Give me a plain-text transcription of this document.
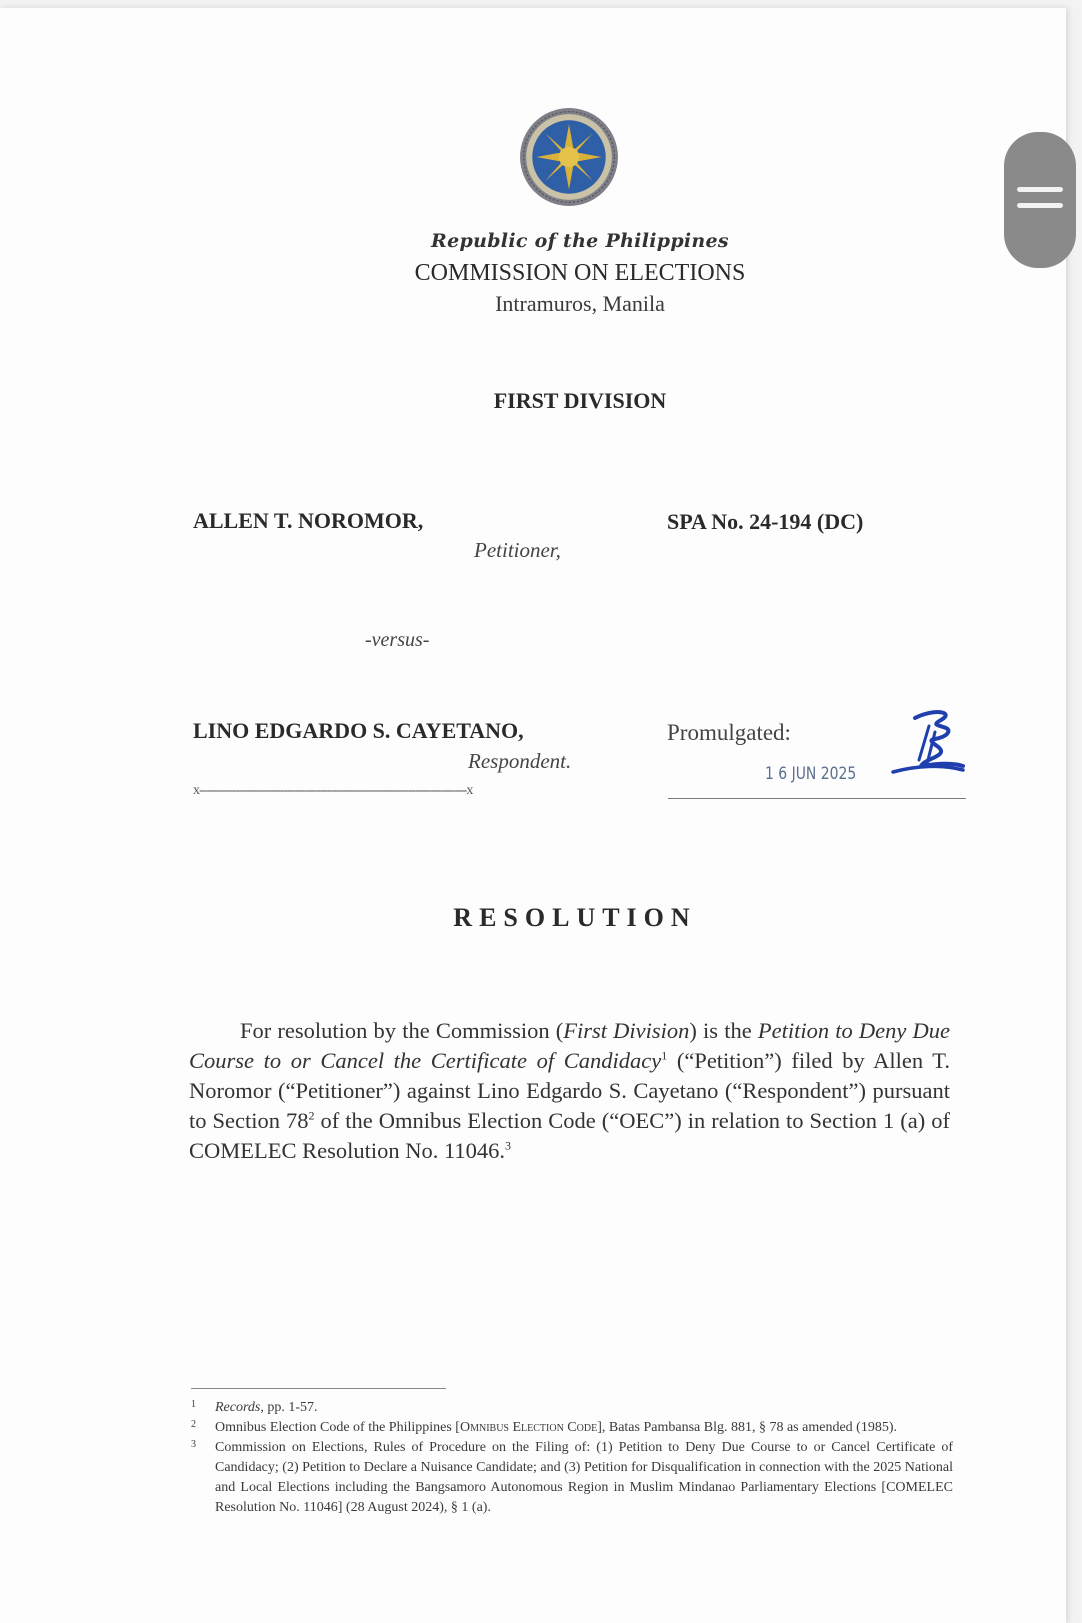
Republic of the Philippines
COMMISSION ON ELECTIONS
Intramuros, Manila
FIRST DIVISION
ALLEN T. NOROMOR,
Petitioner,
SPA No. 24-194 (DC)
-versus-
LINO EDGARDO S. CAYETANO,
Respondent.
x-------------------------------------------------------------------------x
Promulgated:
1 6 JUN 2025
RESOLUTION

For resolution by the Commission (First Division) is the Petition to Deny Due Course to or Cancel the Certificate of Candidacy$^1$ (“Petition”) filed by Allen T. Noromor (“Petitioner”) against Lino Edgardo S. Cayetano (“Respondent”) pursuant to Section $78^2$ of the Omnibus Election Code (“OEC”) in relation to Section 1 (a) of COMELEC Resolution No. 11046.$^3$

1 Records, pp. 1-57.
2 Omnibus Election Code of the Philippines [Omnibus Election Code], Batas Pambansa Blg. 881, § 78 as amended (1985).
3 Commission on Elections, Rules of Procedure on the Filing of: (1) Petition to Deny Due Course to or Cancel Certificate of Candidacy; (2) Petition to Declare a Nuisance Candidate; and (3) Petition for Disqualification in connection with the 2025 National and Local Elections including the Bangsamoro Autonomous Region in Muslim Mindanao Parliamentary Elections [COMELEC Resolution No. 11046] (28 August 2024), § 1 (a).
